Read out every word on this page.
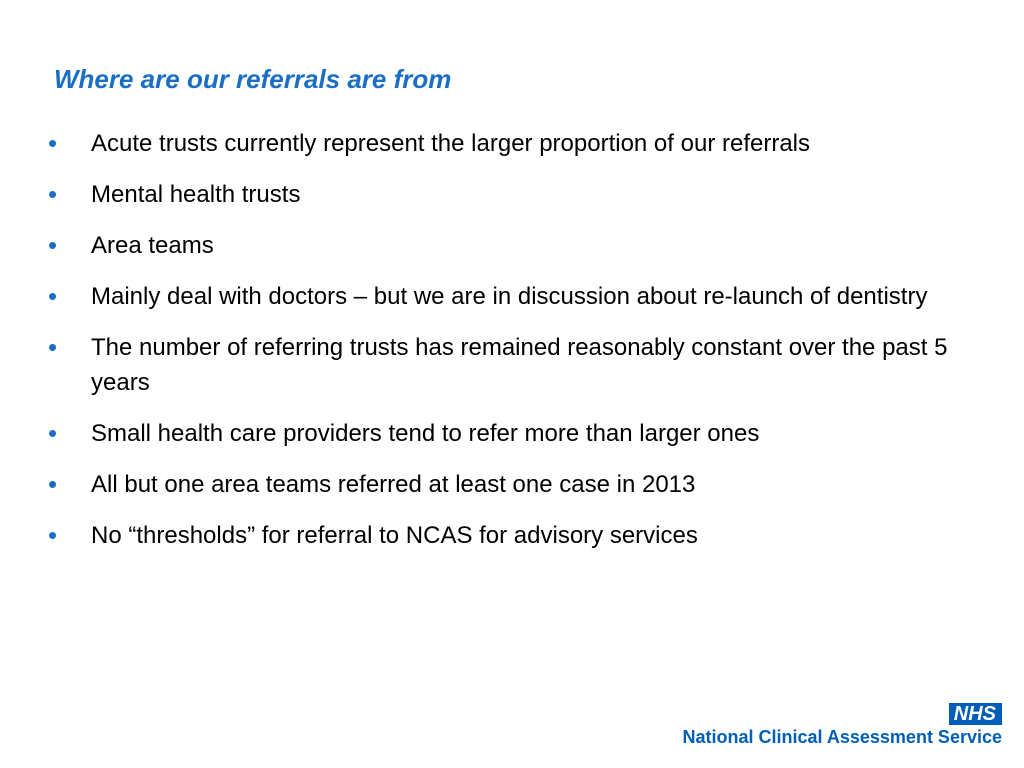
Where are our referrals are from
•	Acute trusts currently represent the larger proportion of our referrals
•	Mental health trusts
•	Area teams
•	Mainly deal with doctors – but we are in discussion about re-launch of dentistry
•	The number of referring trusts has remained reasonably constant over the past 5 years
•	Small health care providers tend to refer more than larger ones
•	All but one area teams referred at least one case in 2013
•	No “thresholds” for referral to NCAS for advisory services
NHS
National Clinical Assessment Service
